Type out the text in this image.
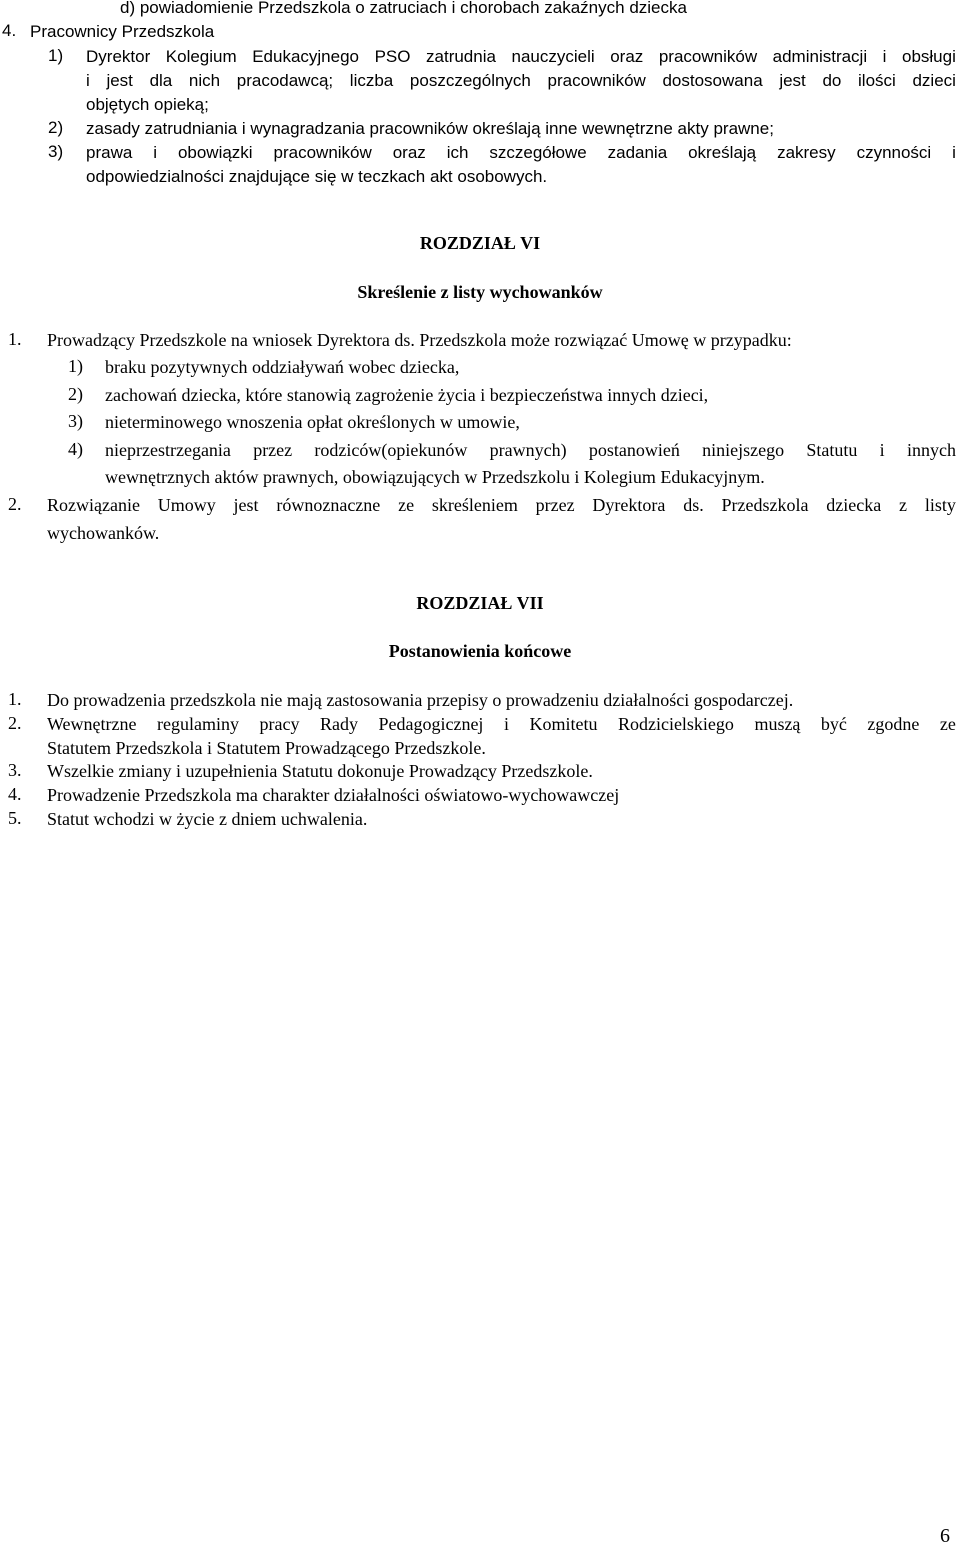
d) powiadomienie Przedszkola o zatruciach i chorobach zakaźnych dziecka
4. Pracownicy Przedszkola
1) Dyrektor Kolegium Edukacyjnego PSO zatrudnia nauczycieli oraz pracowników administracji i obsługi
i jest dla nich pracodawcą; liczba poszczególnych pracowników dostosowana jest do ilości dzieci
objętych opieką;
2) zasady zatrudniania i wynagradzania pracowników określają inne wewnętrzne akty prawne;
3) prawa i obowiązki pracowników oraz ich szczegółowe zadania określają zakresy czynności i
odpowiedzialności znajdujące się w teczkach akt osobowych.
ROZDZIAŁ VI
Skreślenie z listy wychowanków
1. Prowadzący Przedszkole na wniosek Dyrektora ds. Przedszkola może rozwiązać Umowę w przypadku:
1) braku pozytywnych oddziaływań wobec dziecka,
2) zachowań dziecka, które stanowią zagrożenie życia i bezpieczeństwa innych dzieci,
3) nieterminowego wnoszenia opłat określonych w umowie,
4) nieprzestrzegania przez rodziców(opiekunów prawnych) postanowień niniejszego Statutu i innych
wewnętrznych aktów prawnych, obowiązujących w Przedszkolu i Kolegium Edukacyjnym.
2. Rozwiązanie Umowy jest równoznaczne ze skreśleniem przez Dyrektora ds. Przedszkola dziecka z listy
wychowanków.
ROZDZIAŁ VII
Postanowienia końcowe
1. Do prowadzenia przedszkola nie mają zastosowania przepisy o prowadzeniu działalności gospodarczej.
2. Wewnętrzne regulaminy pracy Rady Pedagogicznej i Komitetu Rodzicielskiego muszą być zgodne ze
Statutem Przedszkola i Statutem Prowadzącego Przedszkole.
3. Wszelkie zmiany i uzupełnienia Statutu dokonuje Prowadzący Przedszkole.
4. Prowadzenie Przedszkola ma charakter działalności oświatowo-wychowawczej
5. Statut wchodzi w życie z dniem uchwalenia.
6
